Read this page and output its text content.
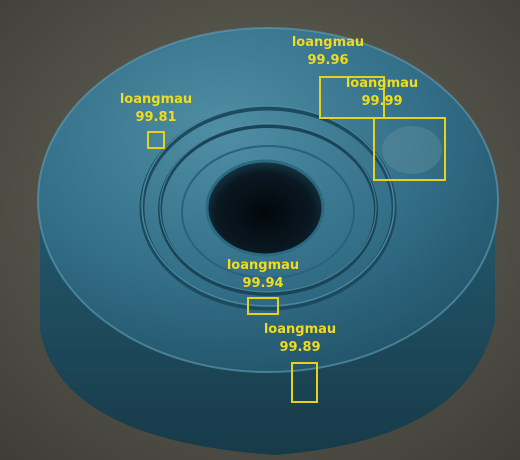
loangmau
99.96
loangmau
99.99
loangmau
99.81
loangmau
99.94
loangmau
99.89
